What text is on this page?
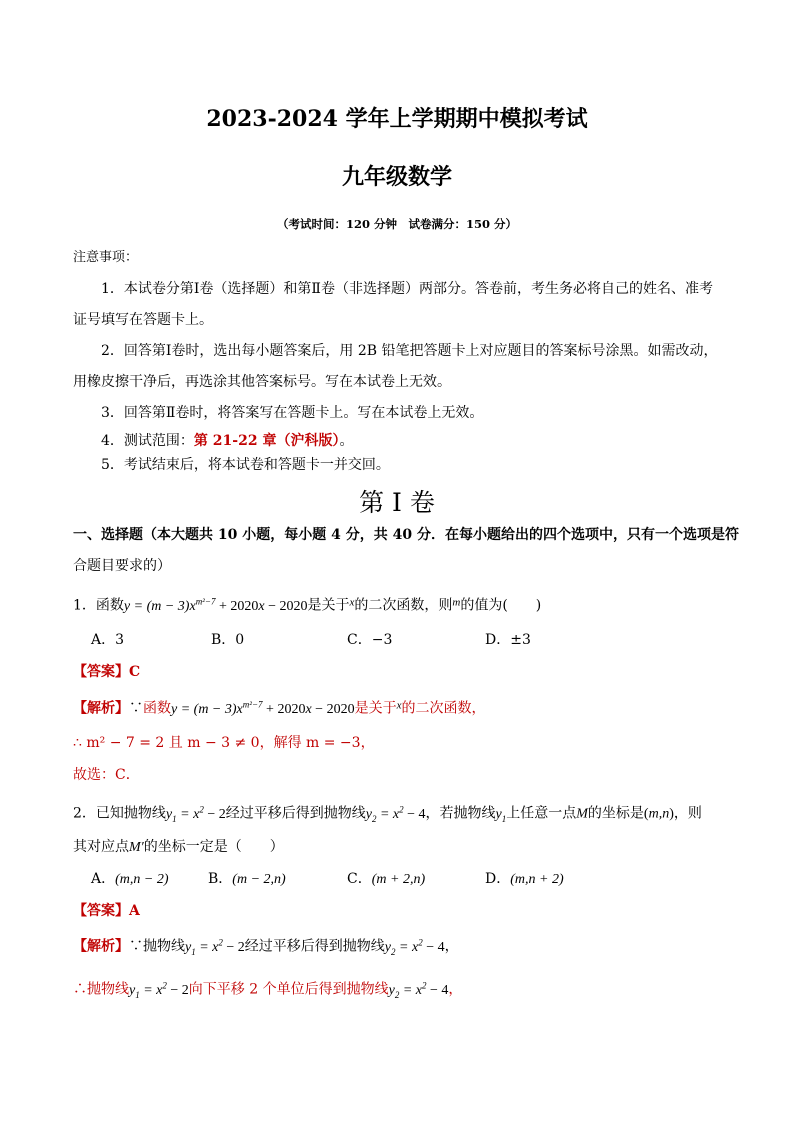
2023-2024 学年上学期期中模拟考试
九年级数学
（考试时间：120 分钟　试卷满分：150 分）
注意事项：
1．本试卷分第Ⅰ卷（选择题）和第Ⅱ卷（非选择题）两部分。答卷前，考生务必将自己的姓名、准考
证号填写在答题卡上。
2．回答第Ⅰ卷时，选出每小题答案后，用 2B 铅笔把答题卡上对应题目的答案标号涂黑。如需改动，
用橡皮擦干净后，再选涂其他答案标号。写在本试卷上无效。
3．回答第Ⅱ卷时，将答案写在答题卡上。写在本试卷上无效。
4．测试范围：第 21-22 章（沪科版）。
5．考试结束后，将本试卷和答题卡一并交回。
第 I 卷
一、选择题（本大题共 10 小题，每小题 4 分，共 40 分．在每小题给出的四个选项中，只有一个选项是符
合题目要求的）
1．函数$y = (m - 3)x^{m^2-7} + 2020x - 2020$是关于$^x$的二次函数，则$^m$的值为(　　)
A．3	B．0	C．−3	D．±3
【答案】C
【解析】∵函数$y = (m - 3)x^{m^2-7} + 2020x - 2020$是关于$^x$的二次函数，
∴ m² − 7 = 2 且 m − 3 ≠ 0，解得 m = −3，
故选：C．
2．已知抛物线$y_1 = x^2 - 2$经过平移后得到抛物线$y_2 = x^2 - 4$，若抛物线$y_1$上任意一点M的坐标是(m,n)，则
其对应点M′的坐标一定是（　　）
A．(m,n − 2)	B．(m − 2,n)	C．(m + 2,n)	D．(m,n + 2)
【答案】A
【解析】∵抛物线$y_1 = x^2 - 2$经过平移后得到抛物线$y_2 = x^2 - 4$，
∴抛物线$y_1 = x^2 - 2$向下平移 2 个单位后得到抛物线$y_2 = x^2 - 4$，
